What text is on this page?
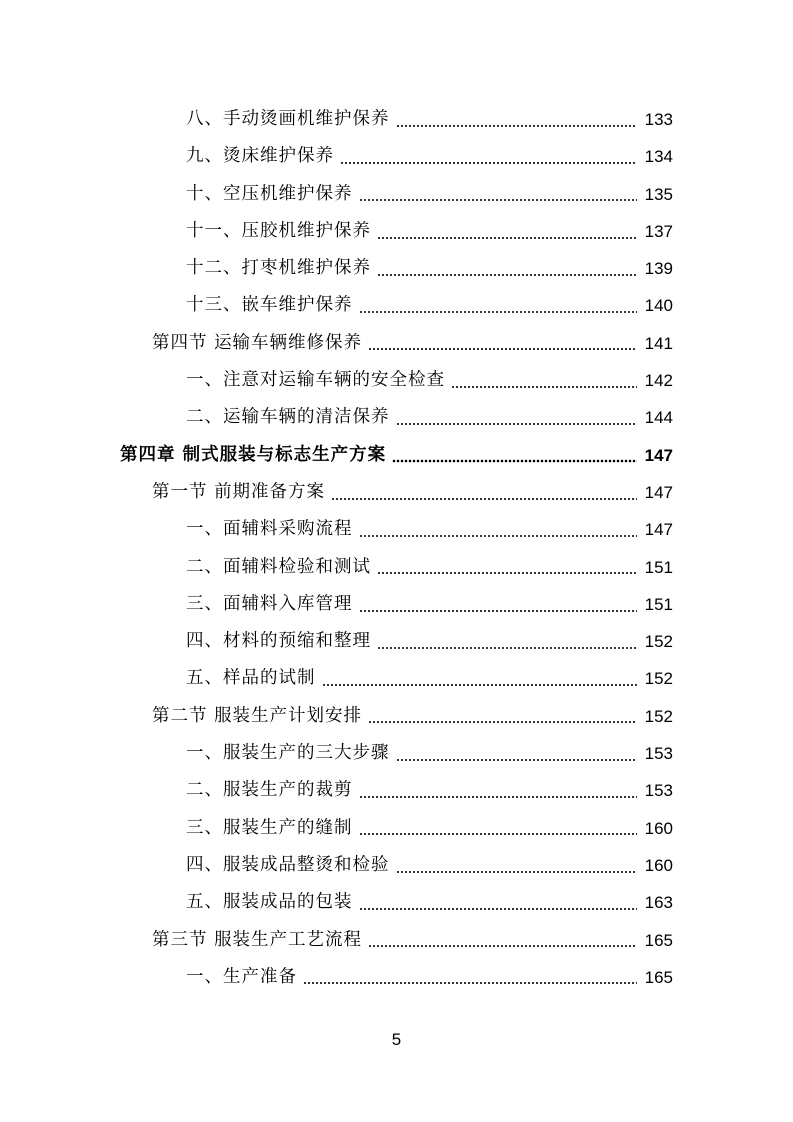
八、手动烫画机维护保养	133
九、烫床维护保养	134
十、空压机维护保养	135
十一、压胶机维护保养	137
十二、打枣机维护保养	139
十三、嵌车维护保养	140
第四节 运输车辆维修保养	141
一、注意对运输车辆的安全检查	142
二、运输车辆的清洁保养	144
第四章 制式服装与标志生产方案	147
第一节 前期准备方案	147
一、面辅料采购流程	147
二、面辅料检验和测试	151
三、面辅料入库管理	151
四、材料的预缩和整理	152
五、样品的试制	152
第二节 服装生产计划安排	152
一、服装生产的三大步骤	153
二、服装生产的裁剪	153
三、服装生产的缝制	160
四、服装成品整烫和检验	160
五、服装成品的包装	163
第三节 服装生产工艺流程	165
一、生产准备	165
5
